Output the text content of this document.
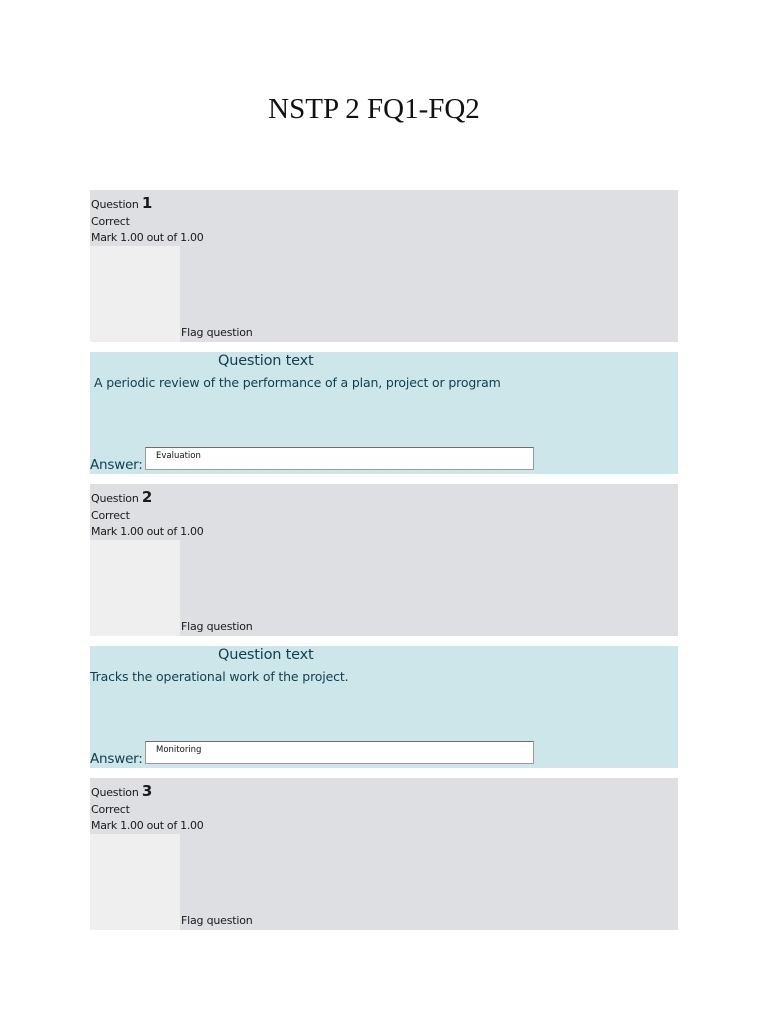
NSTP 2 FQ1-FQ2
Question 1
Correct
Mark 1.00 out of 1.00
Flag question
Question text
A periodic review of the performance of a plan, project or program
Answer:
Evaluation
Question 2
Correct
Mark 1.00 out of 1.00
Flag question
Question text
Tracks the operational work of the project.
Answer:
Monitoring
Question 3
Correct
Mark 1.00 out of 1.00
Flag question
